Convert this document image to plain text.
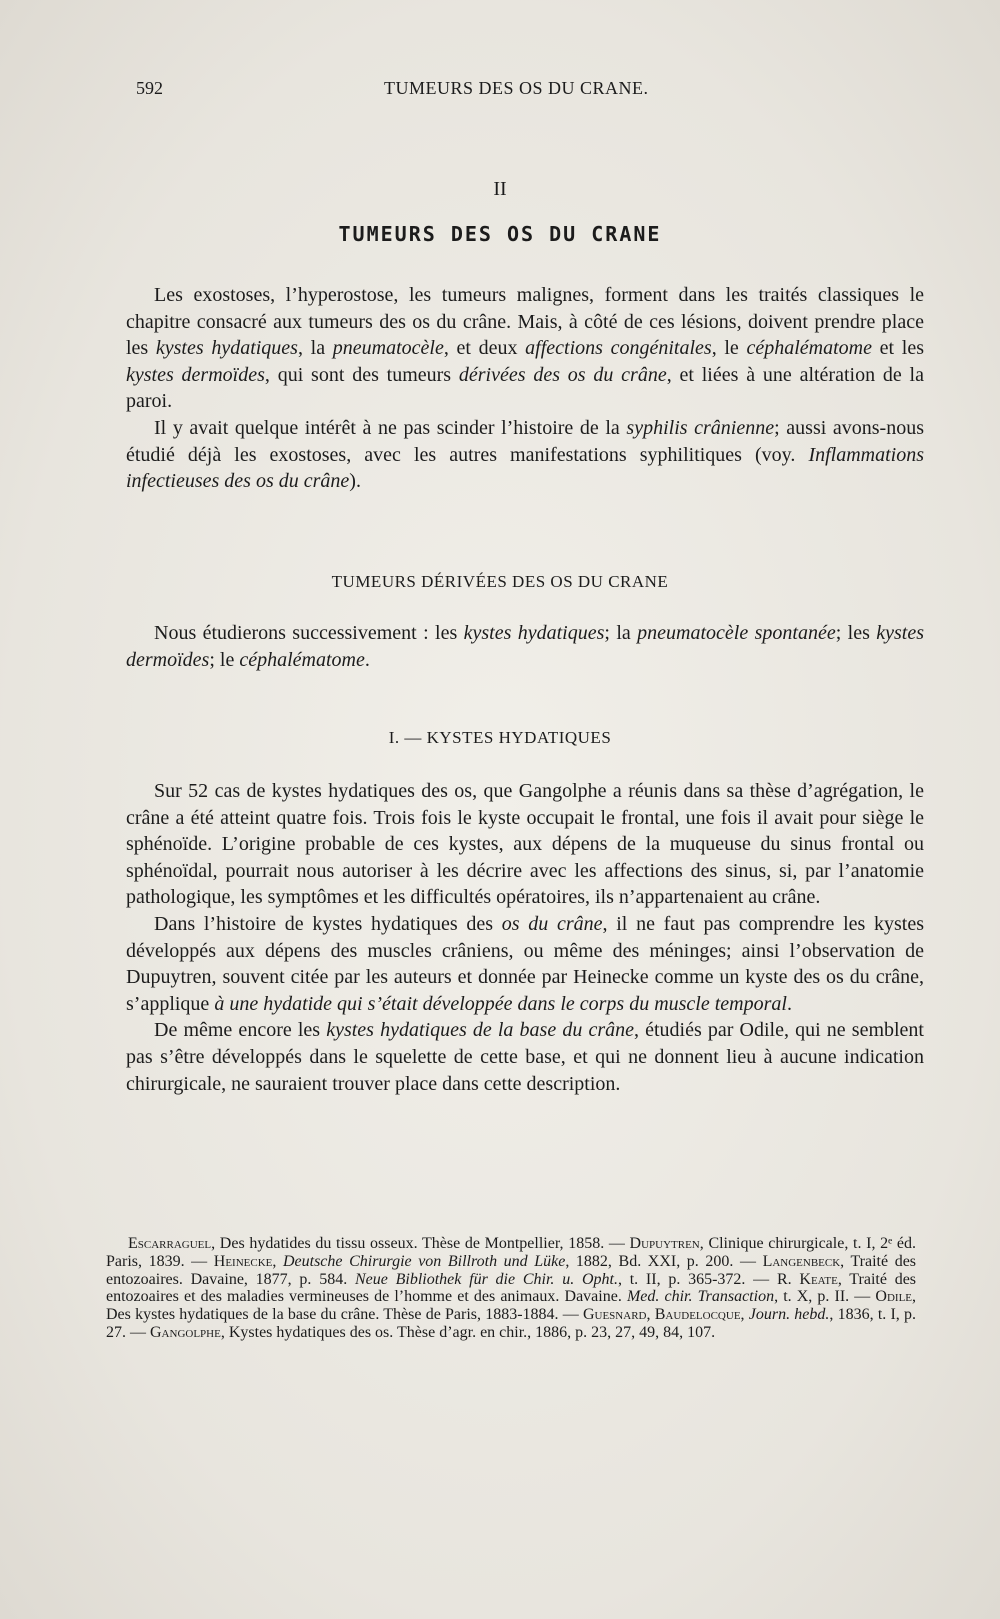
592	TUMEURS DES OS DU CRANE.
II
TUMEURS DES OS DU CRANE

Les exostoses, l’hyperostose, les tumeurs malignes, forment dans les traités classiques le chapitre consacré aux tumeurs des os du crâne. Mais, à côté de ces lésions, doivent prendre place les kystes hydatiques, la pneumatocèle, et deux affections congénitales, le céphalématome et les kystes dermoïdes, qui sont des tumeurs dérivées des os du crâne, et liées à une altération de la paroi.

Il y avait quelque intérêt à ne pas scinder l’histoire de la syphilis crânienne; aussi avons-nous étudié déjà les exostoses, avec les autres manifestations syphilitiques (voy. Inflammations infectieuses des os du crâne).

TUMEURS DÉRIVÉES DES OS DU CRANE

Nous étudierons successivement : les kystes hydatiques; la pneumatocèle spontanée; les kystes dermoïdes; le céphalématome.

I. — KYSTES HYDATIQUES

Sur 52 cas de kystes hydatiques des os, que Gangolphe a réunis dans sa thèse d’agrégation, le crâne a été atteint quatre fois. Trois fois le kyste occupait le frontal, une fois il avait pour siège le sphénoïde. L’origine probable de ces kystes, aux dépens de la muqueuse du sinus frontal ou sphénoïdal, pourrait nous autoriser à les décrire avec les affections des sinus, si, par l’anatomie pathologique, les symptômes et les difficultés opératoires, ils n’appartenaient au crâne.

Dans l’histoire de kystes hydatiques des os du crâne, il ne faut pas comprendre les kystes développés aux dépens des muscles crâniens, ou même des méninges; ainsi l’observation de Dupuytren, souvent citée par les auteurs et donnée par Heinecke comme un kyste des os du crâne, s’applique à une hydatide qui s’était développée dans le corps du muscle temporal.

De même encore les kystes hydatiques de la base du crâne, étudiés par Odile, qui ne semblent pas s’être développés dans le squelette de cette base, et qui ne donnent lieu à aucune indication chirurgicale, ne sauraient trouver place dans cette description.

Escarraguel, Des hydatides du tissu osseux. Thèse de Montpellier, 1858. — Dupuytren, Clinique chirurgicale, t. I, 2ᵉ éd. Paris, 1839. — Heinecke, Deutsche Chirurgie von Billroth und Lüke, 1882, Bd. XXI, p. 200. — Langenbeck, Traité des entozoaires. Davaine, 1877, p. 584. Neue Bibliothek für die Chir. u. Opht., t. II, p. 365-372. — R. Keate, Traité des entozoaires et des maladies vermineuses de l’homme et des animaux. Davaine. Med. chir. Transaction, t. X, p. II. — Odile, Des kystes hydatiques de la base du crâne. Thèse de Paris, 1883-1884. — Guesnard, Baudelocque, Journ. hebd., 1836, t. I, p. 27. — Gangolphe, Kystes hydatiques des os. Thèse d’agr. en chir., 1886, p. 23, 27, 49, 84, 107.
